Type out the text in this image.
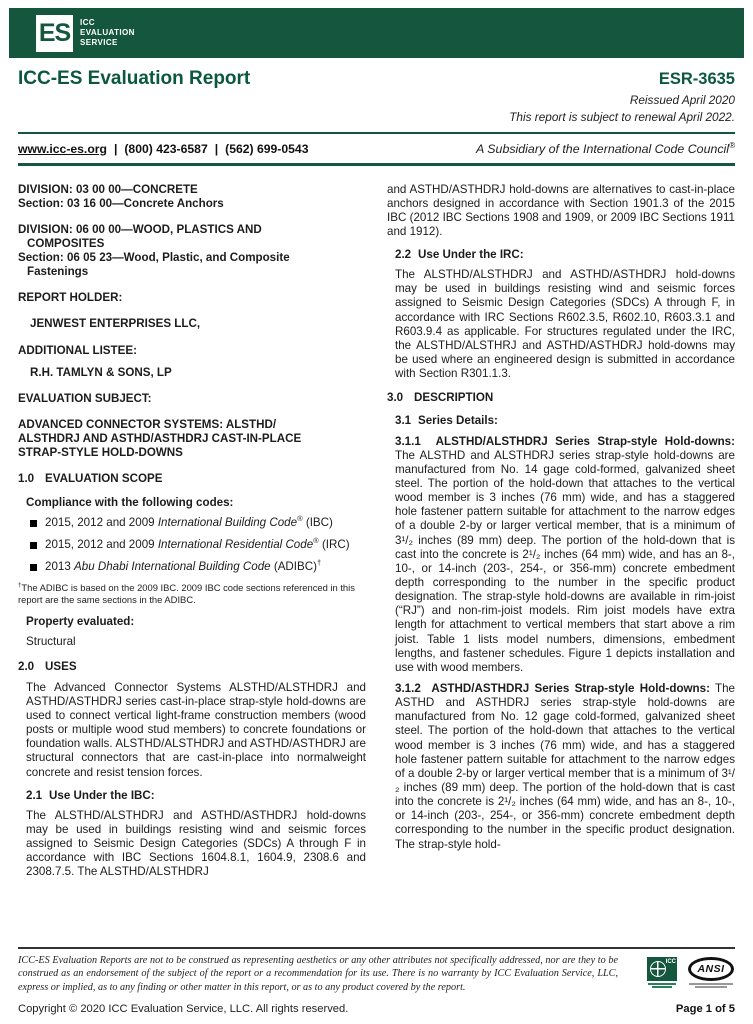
ES ICC
EVALUATION
SERVICE
ICC-ES Evaluation Report	ESR-3635
Reissued April 2020
This report is subject to renewal April 2022.
www.icc-es.org | (800) 423-6587 | (562) 699-0543	A Subsidiary of the International Code Council®
DIVISION: 03 00 00—CONCRETE
Section: 03 16 00—Concrete Anchors
DIVISION: 06 00 00—WOOD, PLASTICS AND
COMPOSITES
Section: 06 05 23—Wood, Plastic, and Composite
Fastenings
REPORT HOLDER:
JENWEST ENTERPRISES LLC,
ADDITIONAL LISTEE:
R.H. TAMLYN & SONS, LP
EVALUATION SUBJECT:
ADVANCED CONNECTOR SYSTEMS: ALSTHD/
ALSTHDRJ AND ASTHD/ASTHDRJ CAST-IN-PLACE
STRAP-STYLE HOLD-DOWNS
1.0 EVALUATION SCOPE
Compliance with the following codes:
2015, 2012 and 2009 International Building Code® (IBC)
2015, 2012 and 2009 International Residential Code® (IRC)
2013 Abu Dhabi International Building Code (ADIBC)†
†The ADIBC is based on the 2009 IBC. 2009 IBC code sections referenced in this report are the same sections in the ADIBC.
Property evaluated:
Structural
2.0 USES

The Advanced Connector Systems ALSTHD/ALSTHDRJ and ASTHD/ASTHDRJ series cast-in-place strap-style hold-downs are used to connect vertical light-frame construction members (wood posts or multiple wood stud members) to concrete foundations or foundation walls. ALSTHD/ALSTHDRJ and ASTHD/ASTHDRJ are structural connectors that are cast-in-place into normalweight concrete and resist tension forces.

2.1 Use Under the IBC:

The ALSTHD/ALSTHDRJ and ASTHD/ASTHDRJ hold-downs may be used in buildings resisting wind and seismic forces assigned to Seismic Design Categories (SDCs) A through F in accordance with IBC Sections 1604.8.1, 1604.9, 2308.6 and 2308.7.5. The ALSTHD/ALSTHDRJ

and ASTHD/ASTHDRJ hold-downs are alternatives to cast-in-place anchors designed in accordance with Section 1901.3 of the 2015 IBC (2012 IBC Sections 1908 and 1909, or 2009 IBC Sections 1911 and 1912).

2.2 Use Under the IRC:

The ALSTHD/ALSTHDRJ and ASTHD/ASTHDRJ hold-downs may be used in buildings resisting wind and seismic forces assigned to Seismic Design Categories (SDCs) A through F, in accordance with IRC Sections R602.3.5, R602.10, R603.3.1 and R603.9.4 as applicable. For structures regulated under the IRC, the ALSTHD/ALSTHRJ and ASTHD/ASTHDRJ hold-downs may be used where an engineered design is submitted in accordance with Section R301.1.3.

3.0 DESCRIPTION
3.1 Series Details:

3.1.1 ALSTHD/ALSTHDRJ Series Strap-style Hold-downs: The ALSTHD and ALSTHDRJ series strap-style hold-downs are manufactured from No. 14 gage cold-formed, galvanized sheet steel. The portion of the hold-down that attaches to the vertical wood member is 3 inches (76 mm) wide, and has a staggered hole fastener pattern suitable for attachment to the narrow edges of a double 2-by or larger vertical member, that is a minimum of 3¹/₂ inches (89 mm) deep. The portion of the hold-down that is cast into the concrete is 2¹/₂ inches (64 mm) wide, and has an 8-, 10-, or 14-inch (203-, 254-, or 356-mm) concrete embedment depth corresponding to the number in the specific product designation. The strap-style hold-downs are available in rim-joist (“RJ”) and non-rim-joist models. Rim joist models have extra length for attachment to vertical members that start above a rim joist. Table 1 lists model numbers, dimensions, embedment lengths, and fastener schedules. Figure 1 depicts installation and use with wood members.

3.1.2 ASTHD/ASTHDRJ Series Strap-style Hold-downs: The ASTHD and ASTHDRJ series strap-style hold-downs are manufactured from No. 12 gage cold-formed, galvanized sheet steel. The portion of the hold-down that attaches to the vertical wood member is 3 inches (76 mm) wide, and has a staggered hole fastener pattern suitable for attachment to the narrow edges of a double 2-by or larger vertical member that is a minimum of 3¹/₂ inches (89 mm) deep. The portion of the hold-down that is cast into the concrete is 2¹/₂ inches (64 mm) wide, and has an 8-, 10-, or 14-inch (203-, 254-, or 356-mm) concrete embedment depth corresponding to the number in the specific product designation. The strap-style hold-

ICC-ES Evaluation Reports are not to be construed as representing aesthetics or any other attributes not specifically addressed, nor are they to be construed as an endorsement of the subject of the report or a recommendation for its use. There is no warranty by ICC Evaluation Service, LLC, express or implied, as to any finding or other matter in this report, or as to any product covered by the report.
ICC
ANSI
Copyright © 2020 ICC Evaluation Service, LLC. All rights reserved.	Page 1 of 5
